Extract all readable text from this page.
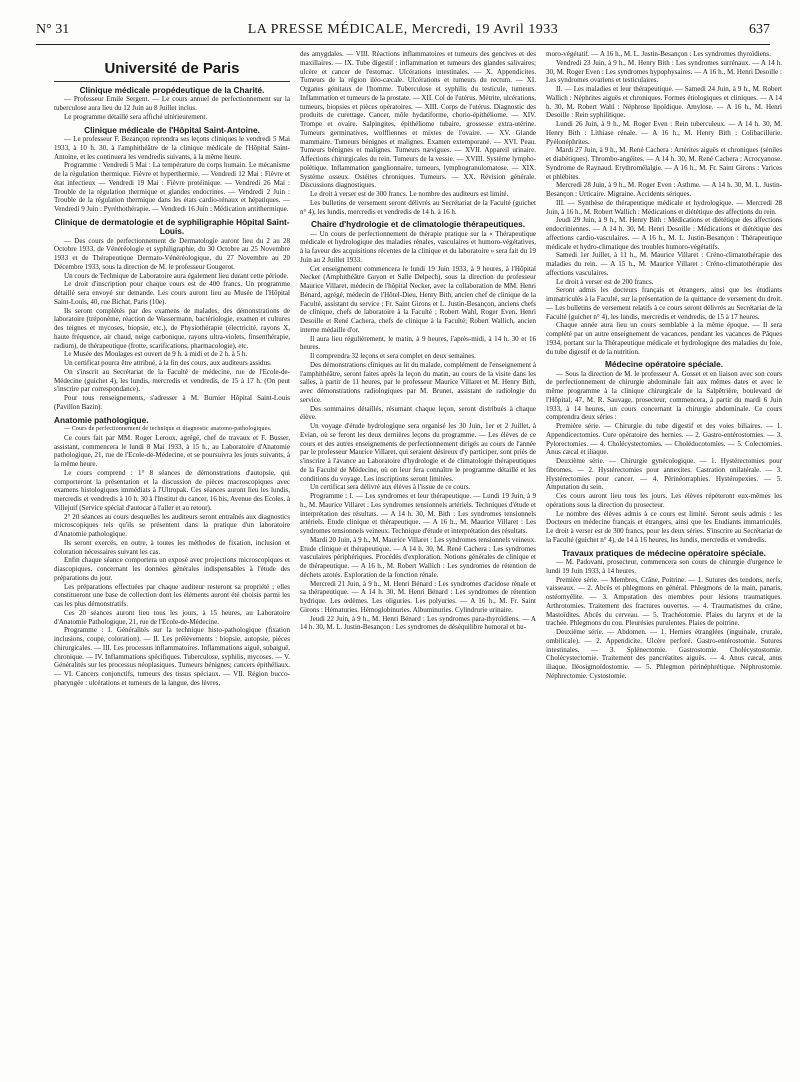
N° 31	LA PRESSE MÉDICALE, Mercredi, 19 Avril 1933	637
Université de Paris
Clinique médicale propédeutique de la Charité.

— Professeur Emile Sergent. — Le cours annuel de perfectionnement sur la tuberculose aura lieu du 12 Juin au 8 Juillet inclus.

Le programme détaillé sera affiché ultérieurement.

Clinique médicale de l'Hôpital Saint-Antoine.

— Le professeur F. Bezançon reprendra ses leçons cliniques le vendredi 5 Mai 1933, à 10 h. 30, à l'amphithéâtre de la clinique médicale de l'Hôpital Saint-Antoine, et les continuera les vendredis suivants, à la même heure.

Programme : Vendredi 5 Mai : La température du corps humain. Le mécanisme de la régulation thermique. Fièvre et hyperthermie. — Vendredi 12 Mai : Fièvre et état infectieux — Vendredi 19 Mai : Fièvre protéinique. — Vendredi 26 Mai : Trouble de la régulation thermique et glandes endocrines. — Vendredi 2 Juin : Trouble de la régulation thermique dans les états cardio-rénaux et hépatiques. — Vendredi 9 Juin : Pyréthothérapie. — Vendredi 16 Juin : Médication antithermique.

Clinique de dermatologie et de syphiligraphie Hôpital Saint-Louis.

— Des cours de perfectionnement de Dermatologie auront lieu du 2 au 28 Octobre 1933, de Vénéréologie et syphiligraphie, du 30 Octobre au 25 Novembre 1933 et de Thérapeutique Dermato-Vénéréologique, du 27 Novembre au 20 Décembre 1933, sous la direction de M. le professeur Gougerot.

Un cours de Technique de Laboratoire aura également lieu durant cette période.

Le droit d'inscription pour chaque cours est de 400 francs. Un programme détaillé sera envoyé sur demande. Les cours auront lieu au Musée de l'Hôpital Saint-Louis, 40, rue Bichat, Paris (10e).

Ils seront complétés par des examens de malades, des démonstrations de laboratoire (tréponème, réaction de Wassermann, bactériologie, examen et cultures des teignes et mycoses, biopsie, etc.), de Physiothérapie (électricité, rayons X, haute fréquence, air chaud, neige carbonique, rayons ultra-violets, finsenthérapie, radium), de thérapeutique (frotte, scarifications, pharmacologie), etc.

Le Musée des Moulages est ouvert de 9 h. à midi et de 2 h. à 5 h.

Un certificat pourra être attribué, à la fin des cours, aux auditeurs assidus.

On s'inscrit au Secrétariat de la Faculté de médecine, rue de l'Ecole-de-Médecine (guichet 4), les lundis, mercredis et vendredis, de 15 à 17 h. (On peut s'inscrire par correspondance).

Pour tous renseignements, s'adresser à M. Burnier Hôpital Saint-Louis (Pavillon Bazin).

Anatomie pathologique.

— Cours de perfectionnement de technique et diagnostic anatomo-pathologiques.

Ce cours fait par MM. Roger Leroux, agrégé, chef de travaux et F. Busser, assistant, commencera le lundi 8 Mai 1933, à 15 h., au Laboratoire d'Anatomie pathologique, 21, rue de l'Ecole-de-Médecine, et se poursuivra les jours suivants, à la même heure.

Le cours comprend : 1° 8 séances de démonstrations d'autopsie, qui comporteront la présentation et la discussion de pièces macroscopiques avec examens histologiques immédiats à l'Ultropak. Ces séances auront lieu les lundis, mercredis et vendredis à 10 h. 30 à l'Institut du cancer, 16 bis, Avenue des Ecoles, à Villejuif (Service spécial d'autocar à l'aller et au retour).

2° 20 séances au cours desquelles les auditeurs seront entraînés aux diagnostics microscopiques tels qu'ils se présentent dans la pratique d'un laboratoire d'Anatomie pathologique.

Ils seront exercés, en outre, à toutes les méthodes de fixation, inclusion et coloration nécessaires suivant les cas.

Enfin chaque séance comportera un exposé avec projections microscopiques et diascopiques, concernant les données générales indispensables à l'étude des préparations du jour.

Les préparations effectuées par chaque auditeur resteront sa propriété ; elles constitueront une base de collection dont les éléments auront été choisis parmi les cas les plus démonstratifs.

Ces 20 séances auront lieu tous les jours, à 15 heures, au Laboratoire d'Anatomie Pathologique, 21, rue de l'Ecole-de-Médecine.

Programme : I. Généralités sur la technique histo-pathologique (fixation inclusions, coupe, coloration). — II. Les prélèvements : biopsie, autopsie, pièces chirurgicales. — III. Les processus inflammatoires. Inflammations aiguë, subaiguë, chronique. — IV. Inflammations spécifiques. Tuberculose, syphilis, mycoses. — V. Généralités sur les processus néoplasiques. Tumeurs bénignes; cancers épithéliaux. — VI. Cancers conjonctifs, tumeurs des tissus spéciaux. — VII. Région bucco-pharyngée : ulcérations et tumeurs de la langue, des lèvres,

des amygdales. — VIII. Réactions inflammatoires et tumeurs des gencives et des maxillaires. — IX. Tube digestif : inflammation et tumeurs des glandes salivaires; ulcère et cancer de l'estomac. Ulcérations intestinales. — X. Appendicites. Tumeurs de la région iléo-cæcale. Ulcérations et tumeurs du rectum. — XI. Organes génitaux de l'homme. Tuberculose et syphilis du testicule, tumeurs. Inflammation et tumeurs de la prostate. — XII. Col de l'utérus. Métrite, ulcérations, tumeurs, biopsies et pièces opératoires. — XIII. Corps de l'utérus. Diagnostic des produits de curettage. Cancer, môle hydatiforme, chorio-épithéliome. — XIV. Trompe et ovaire. Salpingites, épithéliome tubaire, grossesse extra-utérine. Tumeurs germinatives, wolffiennes et mixtes de l'ovaire. — XV. Glande mammaire. Tumeurs bénignes et malignes. Examen extemporané. — XVI. Peau. Tumeurs bénignes et malignes. Tumeurs nævigues. — XVII. Appareil urinaire. Affections chirurgicales du rein. Tumeurs de la vessie. — XVIII. Système lympho-poïétique. Inflammation ganglionnaire, tumeurs, lymphogranulomatose. — XIX. Système osseux. Ostéites chroniques. Tumeurs. — XX. Révision générale. Discussions diagnostiques.

Le droit à verser est de 300 francs. Le nombre des auditeurs est limité.

Les bulletins de versement seront délivrés au Secrétariat de la Faculté (guichet n° 4), les lundis, mercredis et vendredis de 14 h. à 16 h.

Chaire d'hydrologie et de climatologie thérapeutiques.

— Un cours de perfectionnement de thérapie pratique sur la « Thérapeutique médicale et hydrologique des maladies rénales, vasculaires et humoro-végétatives, à la faveur des acquisitions récentes de la clinique et du laboratoire » sera fait du 19 Juin au 2 Juillet 1933.

Cet enseignement commencera le lundi 19 Juin 1933, à 9 heures, à l'Hôpital Necker (Amphithéâtre Guyon et Salle Delpech), sous la direction du professeur Maurice Villaret, médecin de l'hôpital Necker, avec la collaboration de MM. Henri Bénard, agrégé, médecin de l'Hôtel-Dieu, Henry Bith, ancien chef de clinique de la Faculté, assistant du service ; Fr. Saint Girons et L. Justin-Besançon, anciens chefs de clinique, chefs de laboratoire à la Faculté ; Robert Wahl, Roger Even, Henri Desoille et René Cachera, chefs de clinique à la Faculté; Robert Wallich, ancien interne médaille d'or.

Il aura lieu régulièrement, le matin, à 9 heures, l'après-midi, à 14 h. 30 et 16 heures.

Il comprendra 32 leçons et sera complet en deux semaines.

Des démonstrations cliniques au lit du malade, complément de l'enseignement à l'amphithéâtre, seront faites après la leçon du matin, au cours de la visite dans les salles, à partir de 11 heures, par le professeur Maurice Villaret et M. Henry Bith, avec démonstrations radiologiques par M. Brunet, assistant de radiologie du service.

Des sommaires détaillés, résumant chaque leçon, seront distribués à chaque élève.

Un voyage d'étude hydrologique sera organisé les 30 Juin, 1er et 2 Juillet, à Evian, où se feront les deux dernières leçons du programme. — Les élèves de ce cours et des autres enseignements de perfectionnement dirigés au cours de l'année par le professeur Maurice Villaret, qui seraient désireux d'y participer, sont priés de s'inscrire à l'avance au Laboratoire d'hydrologie et de climatologie thérapeutiques de la Faculté de Médecine, où on leur fera connaître le programme détaillé et les conditions du voyage. Les inscriptions seront limitées.

Un certificat sera délivré aux élèves à l'issue de ce cours.

Programme : I. — Les syndromes et leur thérapeutique. — Lundi 19 Juin, à 9 h., M. Maurice Villaret : Les syndromes tensionnels artériels. Techniques d'étude et interprétation des résultats. — A 14 h. 30, M. Bith : Les syndromes tensionnels artériels. Etude clinique et thérapeutique. — A 16 h., M. Maurice Villaret : Les syndromes tensionnels veineux. Technique d'étude et interprétation des résultats.

Mardi 20 Juin, à 9 h., M. Maurice Villaret : Les syndromes tensionnels veineux. Etude clinique et thérapeutique. — A 14 h. 30, M. René Cachera : Les syndromes vasculaires périphériques. Procédés d'exploration. Notions générales de clinique et de thérapeutique. — A 16 h., M. Robert Wallich : Les syndromes de rétention de déchets azotés. Exploration de la fonction rénale.

Mercredi 21 Juin, à 9 h., M. Henri Bénard : Les syndromes d'acidose rénale et sa thérapeutique. — A 14 h. 30, M. Henri Bénard : Les syndromes de rétention hydrique. Les œdèmes. Les oliguries. Les polyuries. — A 16 h., M. Fr. Saint Girons : Hématuries. Hémoglobinuries. Albuminuries. Cylindrurie urinaire.

Jeudi 22 Juin, à 9 h., M. Henri Bénard : Les syndromes para-thyroïdiens. — A 14 h. 30, M. L. Justin-Besançon : Les syndromes de déséquilibre humoral et hu-

moro-végétatif. — A 16 h., M. L. Justin-Besançon : Les syndromes thyroïdiens.

Vendredi 23 Juin, à 9 h., M. Henry Bith : Les syndromes surrénaux. — A 14 h. 30, M. Roger Even : Les syndromes hypophysaires. — A 16 h., M. Henri Desoille : Les syndromes ovariens et testiculaires.

II. — Les maladies et leur thérapeutique. — Samedi 24 Juin, à 9 h., M. Robert Wallich : Néphrites aiguës et chroniques. Formes étiologiques et cliniques. — A 14 h. 30, M. Robert Wahl : Néphrose lipoïdique. Amylose. — A 16 h., M. Henri Desoille : Rein syphilitique.

Lundi 26 Juin, à 9 h., M. Roger Even : Rein tuberculeux. — A 14 h. 30, M. Henry Bith : Lithiase rénale. — A 16 h., M. Henry Bith : Colibacillurie. Pyélonéphrites.

Mardi 27 Juin, à 9 h., M. René Cachera : Artérites aiguës et chroniques (séniles et diabétiques). Thrombo-angéites. — A 14 h. 30, M. René Cachera : Acrocyanose. Syndrome de Raynaud. Erythromélalgie. — A 16 h., M. Fr. Saint Girons : Varices et phlébites.

Mercredi 28 Juin, à 9 h., M. Roger Even : Asthme. — A 14 h. 30, M. L. Justin-Besançon : Urticaire. Migraine. Accidents sériques.

III. — Synthèse de thérapeutique médicale et hydrologique. — Mercredi 28 Juin, à 16 h., M. Robert Wallich : Médications et diététique des affections du rein.

Jeudi 29 Juin, à 9 h., M. Henry Bith : Médications et diététique des affections endocriniennes. — A 14 h. 30, M. Henri Desoille : Médications et diététique des affections cardio-vasculaires. — A 16 h., M. L. Justin-Besançon : Thérapeutique médicale et hydro-climatique des troubles humoro-végétatifs.

Samedi 1er Juillet, à 11 h., M. Maurice Villaret : Créno-climatothérapie des maladies du rein. — A 15 h., M. Maurice Villaret : Créno-climatothérapie des affections vasculaires.

Le droit à verser est de 200 francs.

Seront admis les docteurs français et étrangers, ainsi que les étudiants immatriculés à la Faculté, sur la présentation de la quittance de versement du droit. — Les bulletins de versement relatifs à ce cours seront délivrés au Secrétariat de la Faculté (guichet n° 4), les lundis, mercredis et vendredis, de 15 à 17 heures.

Chaque année aura lieu un cours semblable à la même époque. — Il sera complété par un autre enseignement de vacances, pendant les vacances de Pâques 1934, portant sur la Thérapeutique médicale et hydrologique des maladies du foie, du tube digestif et de la nutrition.

Médecine opératoire spéciale.

— Sous la direction de M. le professeur A. Gosset et en liaison avec son cours de perfectionnement de chirurgie abdominale fait aux mêmes dates et avec le même programme à la clinique chirurgicale de la Salpêtrière, boulevard de l'Hôpital, 47, M. R. Sauvage, prosecteur, commencera, à partir du mardi 6 Juin 1933, à 14 heures, un cours concernant la chirurgie abdominale. Ce cours comprendra deux séries :

Première série. — Chirurgie du tube digestif et des voies biliaires. — 1. Appendicectomies. Cure opératoire des hernies. — 2. Gastro-entérostomies. — 3. Pylorectomies. — 4. Cholécystectomies. — Cholédocotomies. — 5. Colectomies. Anus cæcal et iliaque.

Deuxième série. — Chirurgie gynécologique. — 1. Hystérectomies pour fibromes. — 2. Hystérectomies pour annexites. Castration unilatérale. — 3. Hystérectomies pour cancer. — 4. Périnéorraphies. Hystéropexies. — 5. Amputation du sein.

Ces cours auront lieu tous les jours. Les élèves répéteront eux-mêmes les opérations sous la direction du prosecteur.

Le nombre des élèves admis à ce cours est limité. Seront seuls admis : les Docteurs en médecine français et étrangers, ainsi que les Etudiants immatriculés. Le droit à verser est de 300 francs, pour les deux séries. S'inscrire au Secrétariat de la Faculté (guichet n° 4), de 14 à 16 heures, les lundis, mercredis et vendredis.

Travaux pratiques de médecine opératoire spéciale.

— M. Padovani, prosecteur, commencera son cours de chirurgie d'urgence le lundi 19 Juin 1933, à 14 heures.

Première série. — Membres, Crâne, Poitrine. — 1. Sutures des tendons, nerfs, vaisseaux. — 2. Abcès et phlegmons en général. Phlegmons de la main, panaris, ostéomyélite. — 3. Amputation des membres pour lésions traumatiques. Arthrotomies. Traitement des fractures ouvertes. — 4. Traumatismes du crâne, Mastoïdites. Abcès du cerveau. — 5. Trachéotomie. Plaies du larynx et de la trachée. Phlegmons du cou. Pleurésies purulentes. Plaies de poitrine.

Deuxième série. — Abdomen. — 1. Hernies étranglées (inguinale, crurale, ombilicale). — 2. Appendicite. Ulcère perforé. Gastro-entérostomie. Sutures intestinales. — 3. Splénectomie. Gastrostomie. Cholécystostomie. Cholécystectomie. Traitement des pancréatites aiguës. — 4. Anus cæcal, anus iliaque. Iléosigmoïdostomie. — 5. Phlegmon périnéphrétique. Néphrostomie. Néphrectomie. Cystostomie.
